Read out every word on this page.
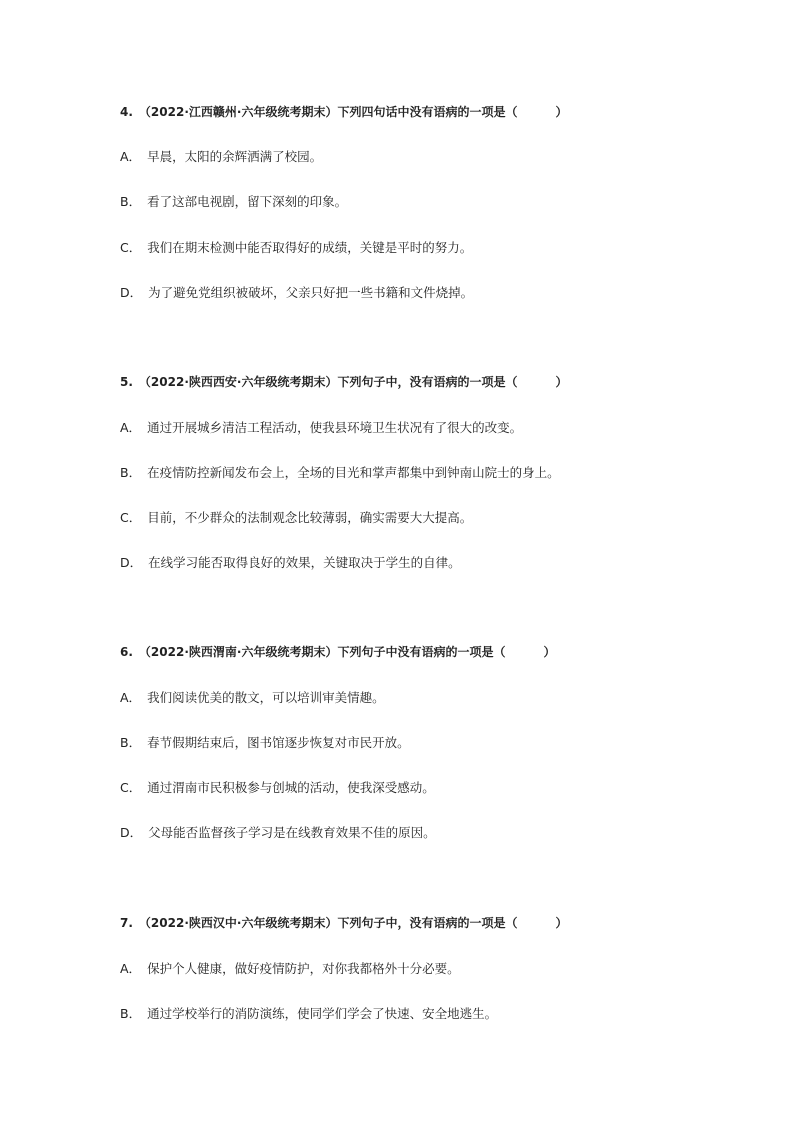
4. （2022·江西赣州·六年级统考期末）下列四句话中没有语病的一项是（	）
A． 早晨，太阳的余辉洒满了校园。
B． 看了这部电视剧，留下深刻的印象。
C． 我们在期末检测中能否取得好的成绩，关键是平时的努力。
D． 为了避免党组织被破坏，父亲只好把一些书籍和文件烧掉。
5. （2022·陕西西安·六年级统考期末）下列句子中，没有语病的一项是（	）
A． 通过开展城乡清洁工程活动，使我县环境卫生状况有了很大的改变。
B． 在疫情防控新闻发布会上，全场的目光和掌声都集中到钟南山院士的身上。
C． 目前，不少群众的法制观念比较薄弱，确实需要大大提高。
D． 在线学习能否取得良好的效果，关键取决于学生的自律。
6. （2022·陕西渭南·六年级统考期末）下列句子中没有语病的一项是（	）
A． 我们阅读优美的散文，可以培训审美情趣。
B． 春节假期结束后，图书馆逐步恢复对市民开放。
C． 通过渭南市民积极参与创城的活动，使我深受感动。
D． 父母能否监督孩子学习是在线教育效果不佳的原因。
7. （2022·陕西汉中·六年级统考期末）下列句子中，没有语病的一项是（	）
A． 保护个人健康，做好疫情防护，对你我都格外十分必要。
B． 通过学校举行的消防演练，使同学们学会了快速、安全地逃生。
